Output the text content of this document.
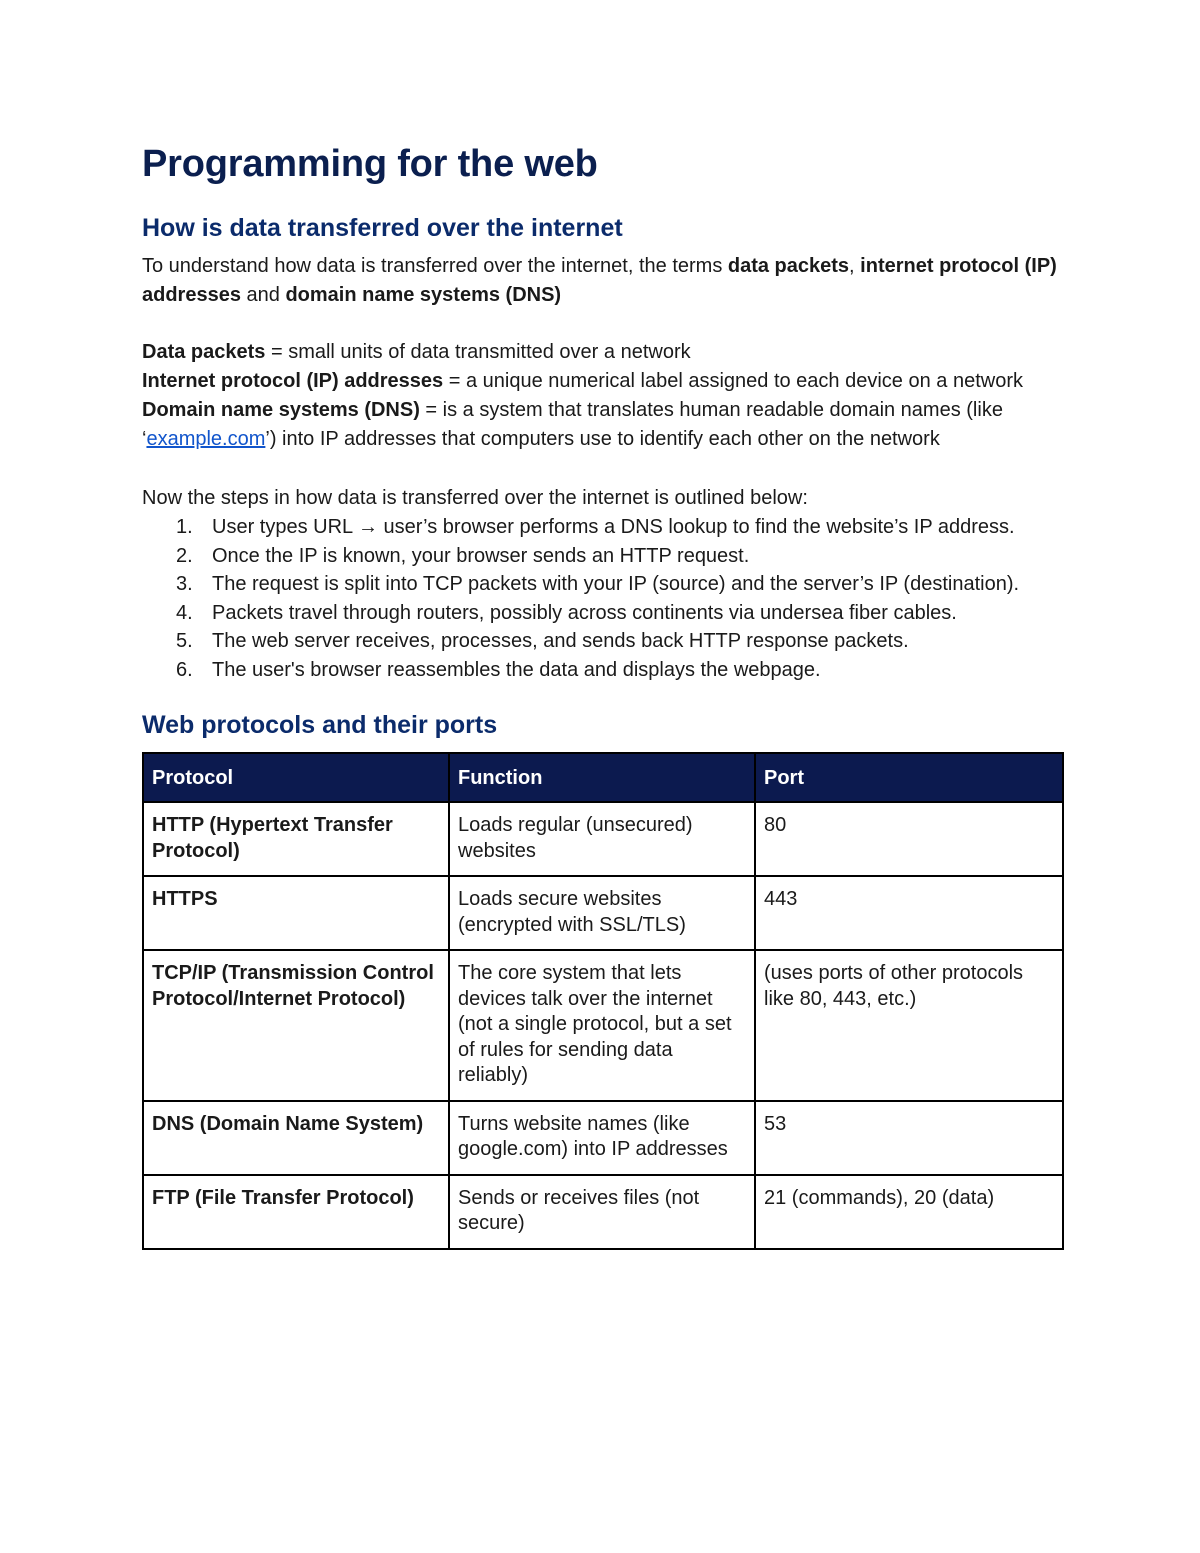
Programming for the web
How is data transferred over the internet

To understand how data is transferred over the internet, the terms data packets, internet protocol (IP) addresses and domain name systems (DNS)

Data packets = small units of data transmitted over a network

Internet protocol (IP) addresses = a unique numerical label assigned to each device on a network

Domain name systems (DNS) = is a system that translates human readable domain names (like ‘example.com’) into IP addresses that computers use to identify each other on the network

Now the steps in how data is transferred over the internet is outlined below:

1. User types URL → user’s browser performs a DNS lookup to find the website’s IP address.
2. Once the IP is known, your browser sends an HTTP request.
3. The request is split into TCP packets with your IP (source) and the server’s IP (destination).
4. Packets travel through routers, possibly across continents via undersea fiber cables.
5. The web server receives, processes, and sends back HTTP response packets.
6. The user's browser reassembles the data and displays the webpage.
Web protocols and their ports
Protocol	Function	Port
HTTP (Hypertext Transfer Protocol)	Loads regular (unsecured) websites	80
HTTPS	Loads secure websites (encrypted with SSL/TLS)	443
TCP/IP (Transmission Control Protocol/Internet Protocol)	The core system that lets devices talk over the internet (not a single protocol, but a set of rules for sending data reliably)	(uses ports of other protocols like 80, 443, etc.)
DNS (Domain Name System)	Turns website names (like google.com) into IP addresses	53
FTP (File Transfer Protocol)	Sends or receives files (not secure)	21 (commands), 20 (data)
